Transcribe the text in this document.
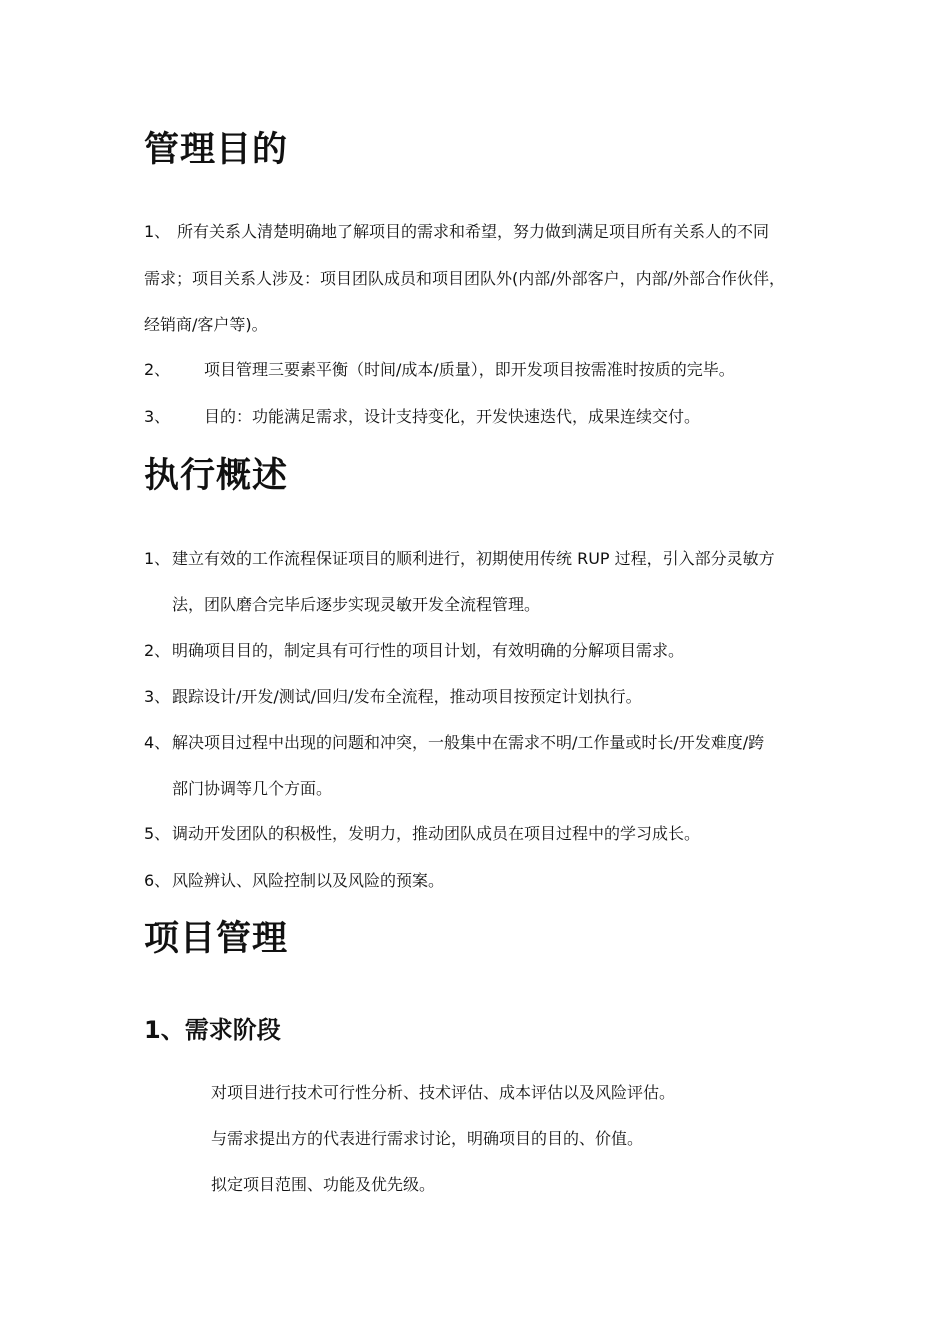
管理目的
1、 所有关系人清楚明确地了解项目的需求和希望，努力做到满足项目所有关系人的不同
需求；项目关系人涉及：项目团队成员和项目团队外(内部/外部客户，内部/外部合作伙伴，
经销商/客户等)。
2、 项目管理三要素平衡（时间/成本/质量），即开发项目按需准时按质的完毕。
3、 目的：功能满足需求，设计支持变化，开发快速迭代，成果连续交付。
执行概述
1、 建立有效的工作流程保证项目的顺利进行，初期使用传统 RUP 过程，引入部分灵敏方
法，团队磨合完毕后逐步实现灵敏开发全流程管理。
2、 明确项目目的，制定具有可行性的项目计划，有效明确的分解项目需求。
3、 跟踪设计/开发/测试/回归/发布全流程，推动项目按预定计划执行。
4、 解决项目过程中出现的问题和冲突，一般集中在需求不明/工作量或时长/开发难度/跨
部门协调等几个方面。
5、 调动开发团队的积极性，发明力，推动团队成员在项目过程中的学习成长。
6、 风险辨认、风险控制以及风险的预案。
项目管理
1、需求阶段
对项目进行技术可行性分析、技术评估、成本评估以及风险评估。
与需求提出方的代表进行需求讨论，明确项目的目的、价值。
拟定项目范围、功能及优先级。
